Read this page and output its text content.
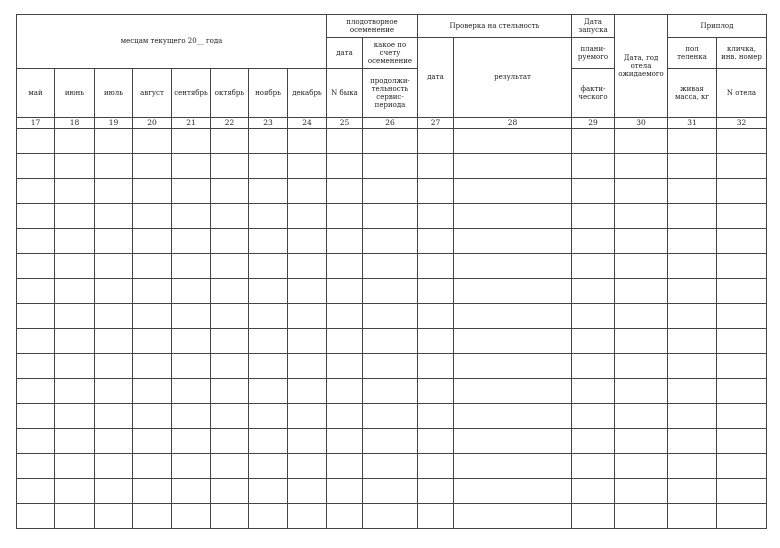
месцам текущего 20__ года								плодотворное осеменение		Проверка на стельность		Дата запуска	Дата, год отела ожидаемого	Приплод	
								дата	какое по счету осеменение	дата	результат	плани-руемого		пол теленка	кличка, инв. номер
май	июнь	июль	август	сентябрь	октябрь	ноябрь	декабрь	N быка	продолжи-тельность сервис-периода			факти-ческого		живая масса, кг	N отела
17	18	19	20	21	22	23	24	25	26	27	28	29	30	31	32
